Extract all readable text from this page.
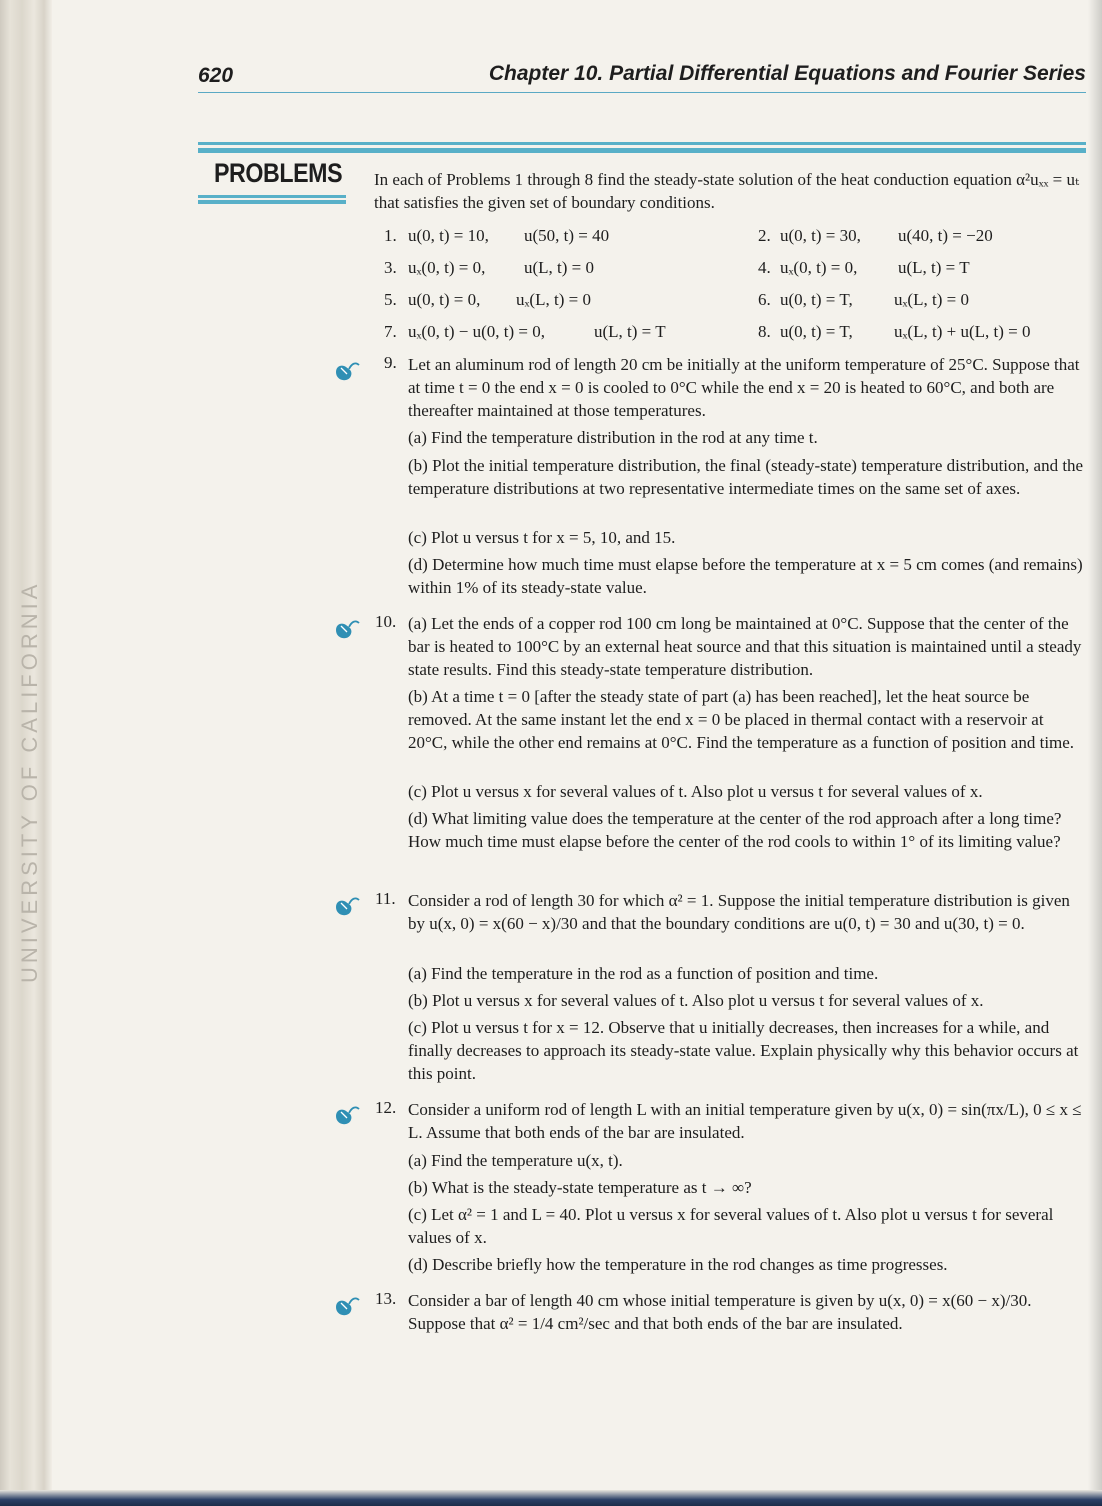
UNIVERSITY OF CALIFORNIA
620	Chapter 10. Partial Differential Equations and Fourier Series
PROBLEMS In each of Problems 1 through 8 find the steady-state solution of the heat conduction equation α²uₓₓ = uₜ that satisfies the given set of boundary conditions.
1. u(0, t) = 10, u(50, t) = 40	2. u(0, t) = 30, u(40, t) = −20
3. uₓ(0, t) = 0, u(L, t) = 0	4. uₓ(0, t) = 0, u(L, t) = T
5. u(0, t) = 0, uₓ(L, t) = 0	6. u(0, t) = T, uₓ(L, t) = 0
7. uₓ(0, t) − u(0, t) = 0,	u(L, t) = T	8. u(0, t) = T, uₓ(L, t) + u(L, t) = 0
9. Let an aluminum rod of length 20 cm be initially at the uniform temperature of 25°C. Suppose that at time t = 0 the end x = 0 is cooled to 0°C while the end x = 20 is heated to 60°C, and both are thereafter maintained at those temperatures.
(a) Find the temperature distribution in the rod at any time t.
(b) Plot the initial temperature distribution, the final (steady-state) temperature distribution, and the temperature distributions at two representative intermediate times on the same set of axes.
(c) Plot u versus t for x = 5, 10, and 15.
(d) Determine how much time must elapse before the temperature at x = 5 cm comes (and remains) within 1% of its steady-state value.
10. (a) Let the ends of a copper rod 100 cm long be maintained at 0°C. Suppose that the center of the bar is heated to 100°C by an external heat source and that this situation is maintained until a steady state results. Find this steady-state temperature distribution.
(b) At a time t = 0 [after the steady state of part (a) has been reached], let the heat source be removed. At the same instant let the end x = 0 be placed in thermal contact with a reservoir at 20°C, while the other end remains at 0°C. Find the temperature as a function of position and time.
(c) Plot u versus x for several values of t. Also plot u versus t for several values of x.
(d) What limiting value does the temperature at the center of the rod approach after a long time? How much time must elapse before the center of the rod cools to within 1° of its limiting value?
11. Consider a rod of length 30 for which α² = 1. Suppose the initial temperature distribution is given by u(x, 0) = x(60 − x)/30 and that the boundary conditions are u(0, t) = 30 and u(30, t) = 0.
(a) Find the temperature in the rod as a function of position and time.
(b) Plot u versus x for several values of t. Also plot u versus t for several values of x.
(c) Plot u versus t for x = 12. Observe that u initially decreases, then increases for a while, and finally decreases to approach its steady-state value. Explain physically why this behavior occurs at this point.
12. Consider a uniform rod of length L with an initial temperature given by u(x, 0) = sin(πx/L), 0 ≤ x ≤ L. Assume that both ends of the bar are insulated.
(a) Find the temperature u(x, t).
(b) What is the steady-state temperature as t → ∞?
(c) Let α² = 1 and L = 40. Plot u versus x for several values of t. Also plot u versus t for several values of x.
(d) Describe briefly how the temperature in the rod changes as time progresses.
13. Consider a bar of length 40 cm whose initial temperature is given by u(x, 0) = x(60 − x)/30. Suppose that α² = 1/4 cm²/sec and that both ends of the bar are insulated.
